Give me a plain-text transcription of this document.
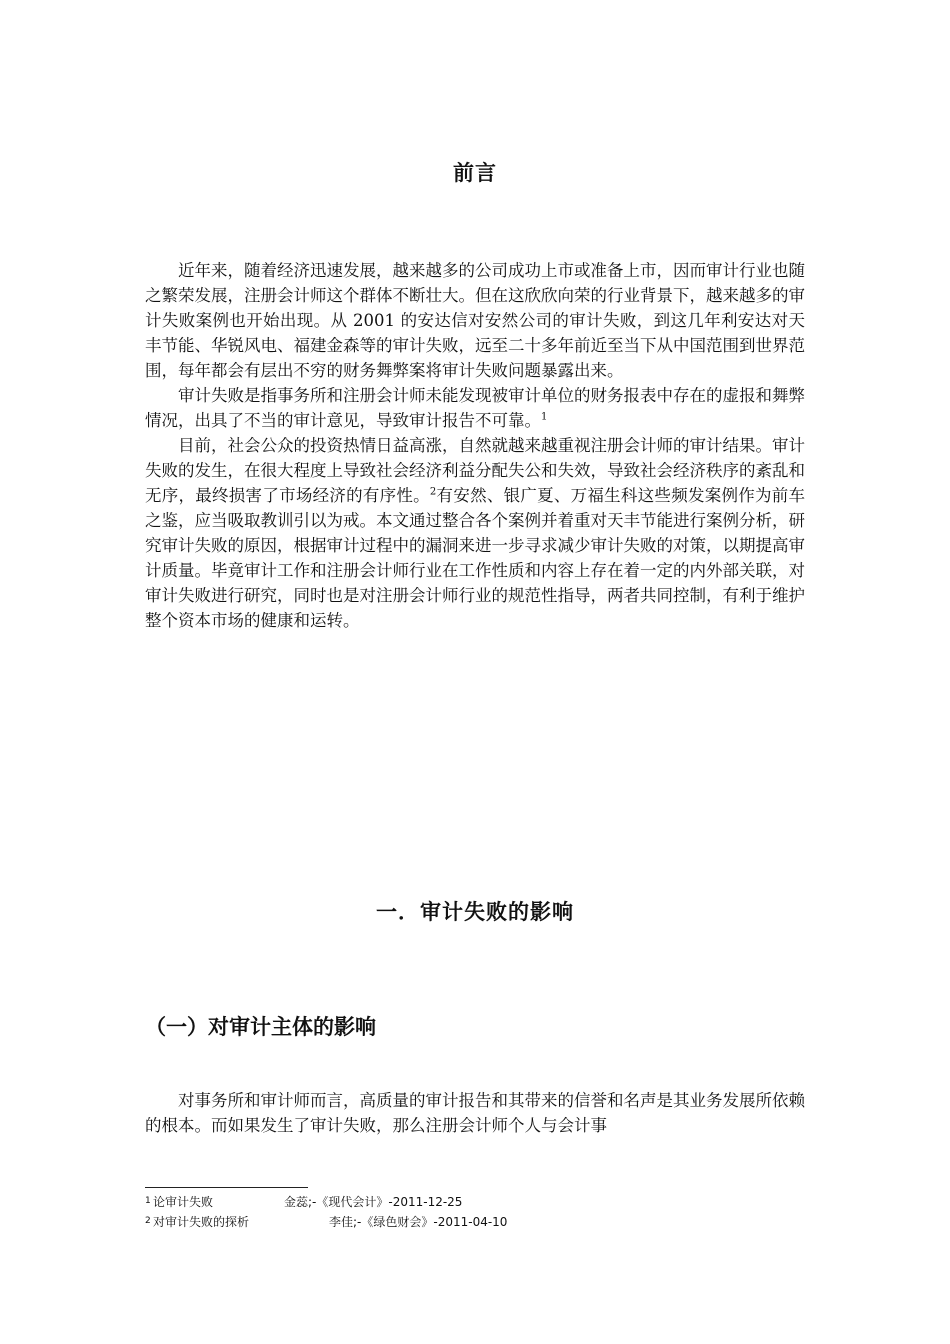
前言

近年来，随着经济迅速发展，越来越多的公司成功上市或准备上市，因而审计行业也随之繁荣发展，注册会计师这个群体不断壮大。但在这欣欣向荣的行业背景下，越来越多的审计失败案例也开始出现。从 2001 的安达信对安然公司的审计失败，到这几年利安达对天丰节能、华锐风电、福建金森等的审计失败，远至二十多年前近至当下从中国范围到世界范围，每年都会有层出不穷的财务舞弊案将审计失败问题暴露出来。

审计失败是指事务所和注册会计师未能发现被审计单位的财务报表中存在的虚报和舞弊情况，出具了不当的审计意见，导致审计报告不可靠。$^1$

目前，社会公众的投资热情日益高涨，自然就越来越重视注册会计师的审计结果。审计失败的发生，在很大程度上导致社会经济利益分配失公和失效，导致社会经济秩序的紊乱和无序，最终损害了市场经济的有序性。$^2$有安然、银广夏、万福生科这些频发案例作为前车之鉴，应当吸取教训引以为戒。本文通过整合各个案例并着重对天丰节能进行案例分析，研究审计失败的原因，根据审计过程中的漏洞来进一步寻求减少审计失败的对策，以期提高审计质量。毕竟审计工作和注册会计师行业在工作性质和内容上存在着一定的内外部关联，对审计失败进行研究，同时也是对注册会计师行业的规范性指导，两者共同控制，有利于维护整个资本市场的健康和运转。

一．审计失败的影响
（一）对审计主体的影响

对事务所和审计师而言，高质量的审计报告和其带来的信誉和名声是其业务发展所依赖的根本。而如果发生了审计失败，那么注册会计师个人与会计事

1 论审计失败	金蕊;-《现代会计》-2011-12-25
2 对审计失败的探析	李佳;-《绿色财会》-2011-04-10
